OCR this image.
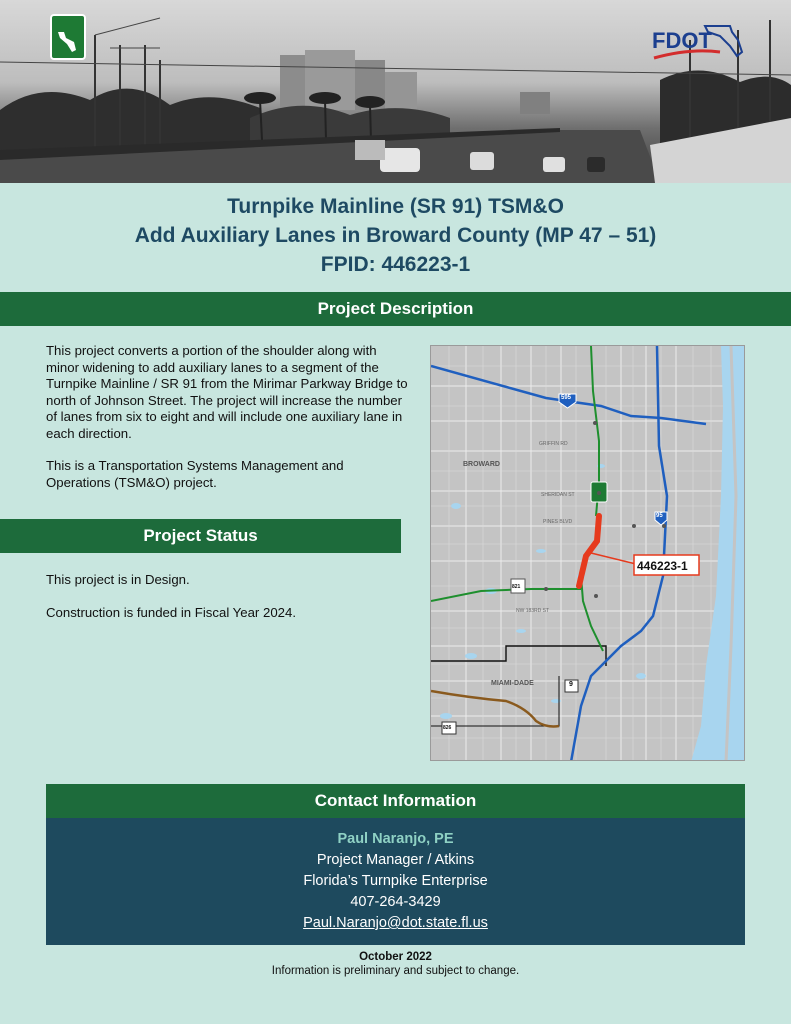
FDOT
Turnpike Mainline (SR 91) TSM&O
Add Auxiliary Lanes in Broward County (MP 47 – 51)
FPID: 446223-1
Project Description

This project converts a portion of the shoulder along with minor widening to add auxiliary lanes to a segment of the Turnpike Mainline / SR 91 from the Mirimar Parkway Bridge to north of Johnson Street. The project will increase the number of lanes from six to eight and will include one auxiliary lane in each direction.

This is a Transportation Systems Management and Operations (TSM&O) project.

Project Status

This project is in Design.

Construction is funded in Fiscal Year 2024.

BROWARD
MIAMI-DADE
GRIFFIN RD
SHERIDAN ST
PINES BLVD
NW 183RD ST
595
95
821
9
826
446223-1
Contact Information
Paul Naranjo, PE
Project Manager / Atkins
Florida’s Turnpike Enterprise
407-264-3429
Paul.Naranjo@dot.state.fl.us
October 2022
Information is preliminary and subject to change.
